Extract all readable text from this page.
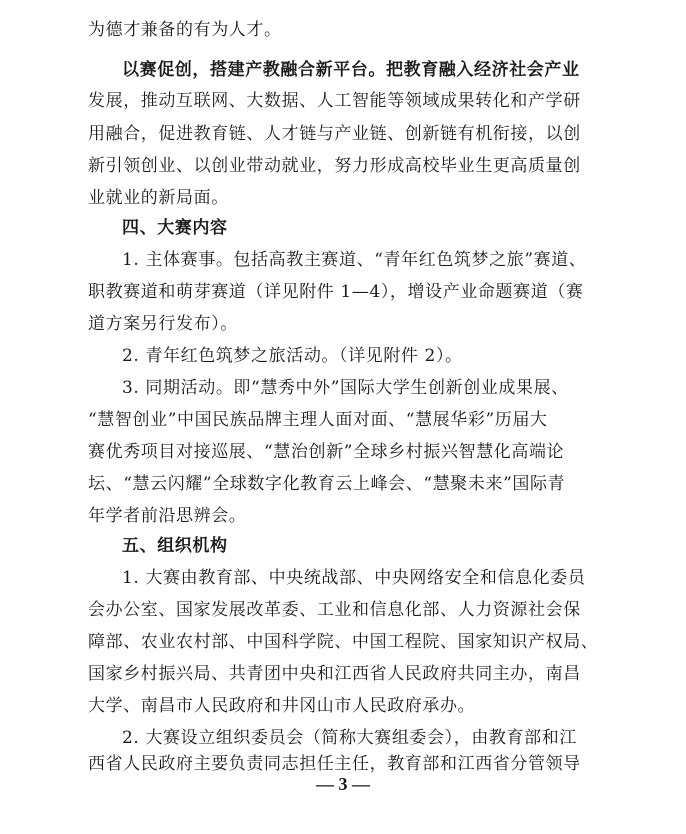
为德才兼备的有为人才。
以赛促创，搭建产教融合新平台。把教育融入经济社会产业
发展，推动互联网、大数据、人工智能等领域成果转化和产学研
用融合，促进教育链、人才链与产业链、创新链有机衔接，以创
新引领创业、以创业带动就业，努力形成高校毕业生更高质量创
业就业的新局面。
四、大赛内容
1. 主体赛事。包括高教主赛道、“青年红色筑梦之旅”赛道、
职教赛道和萌芽赛道（详见附件 1—4），增设产业命题赛道（赛
道方案另行发布）。
2. 青年红色筑梦之旅活动。（详见附件 2）。
3. 同期活动。即“慧秀中外”国际大学生创新创业成果展、
“慧智创业”中国民族品牌主理人面对面、“慧展华彩”历届大
赛优秀项目对接巡展、“慧治创新”全球乡村振兴智慧化高端论
坛、“慧云闪耀”全球数字化教育云上峰会、“慧聚未来”国际青
年学者前沿思辨会。
五、组织机构
1. 大赛由教育部、中央统战部、中央网络安全和信息化委员
会办公室、国家发展改革委、工业和信息化部、人力资源社会保
障部、农业农村部、中国科学院、中国工程院、国家知识产权局、
国家乡村振兴局、共青团中央和江西省人民政府共同主办，南昌
大学、南昌市人民政府和井冈山市人民政府承办。
2. 大赛设立组织委员会（简称大赛组委会），由教育部和江
西省人民政府主要负责同志担任主任，教育部和江西省分管领导
— 3 —
